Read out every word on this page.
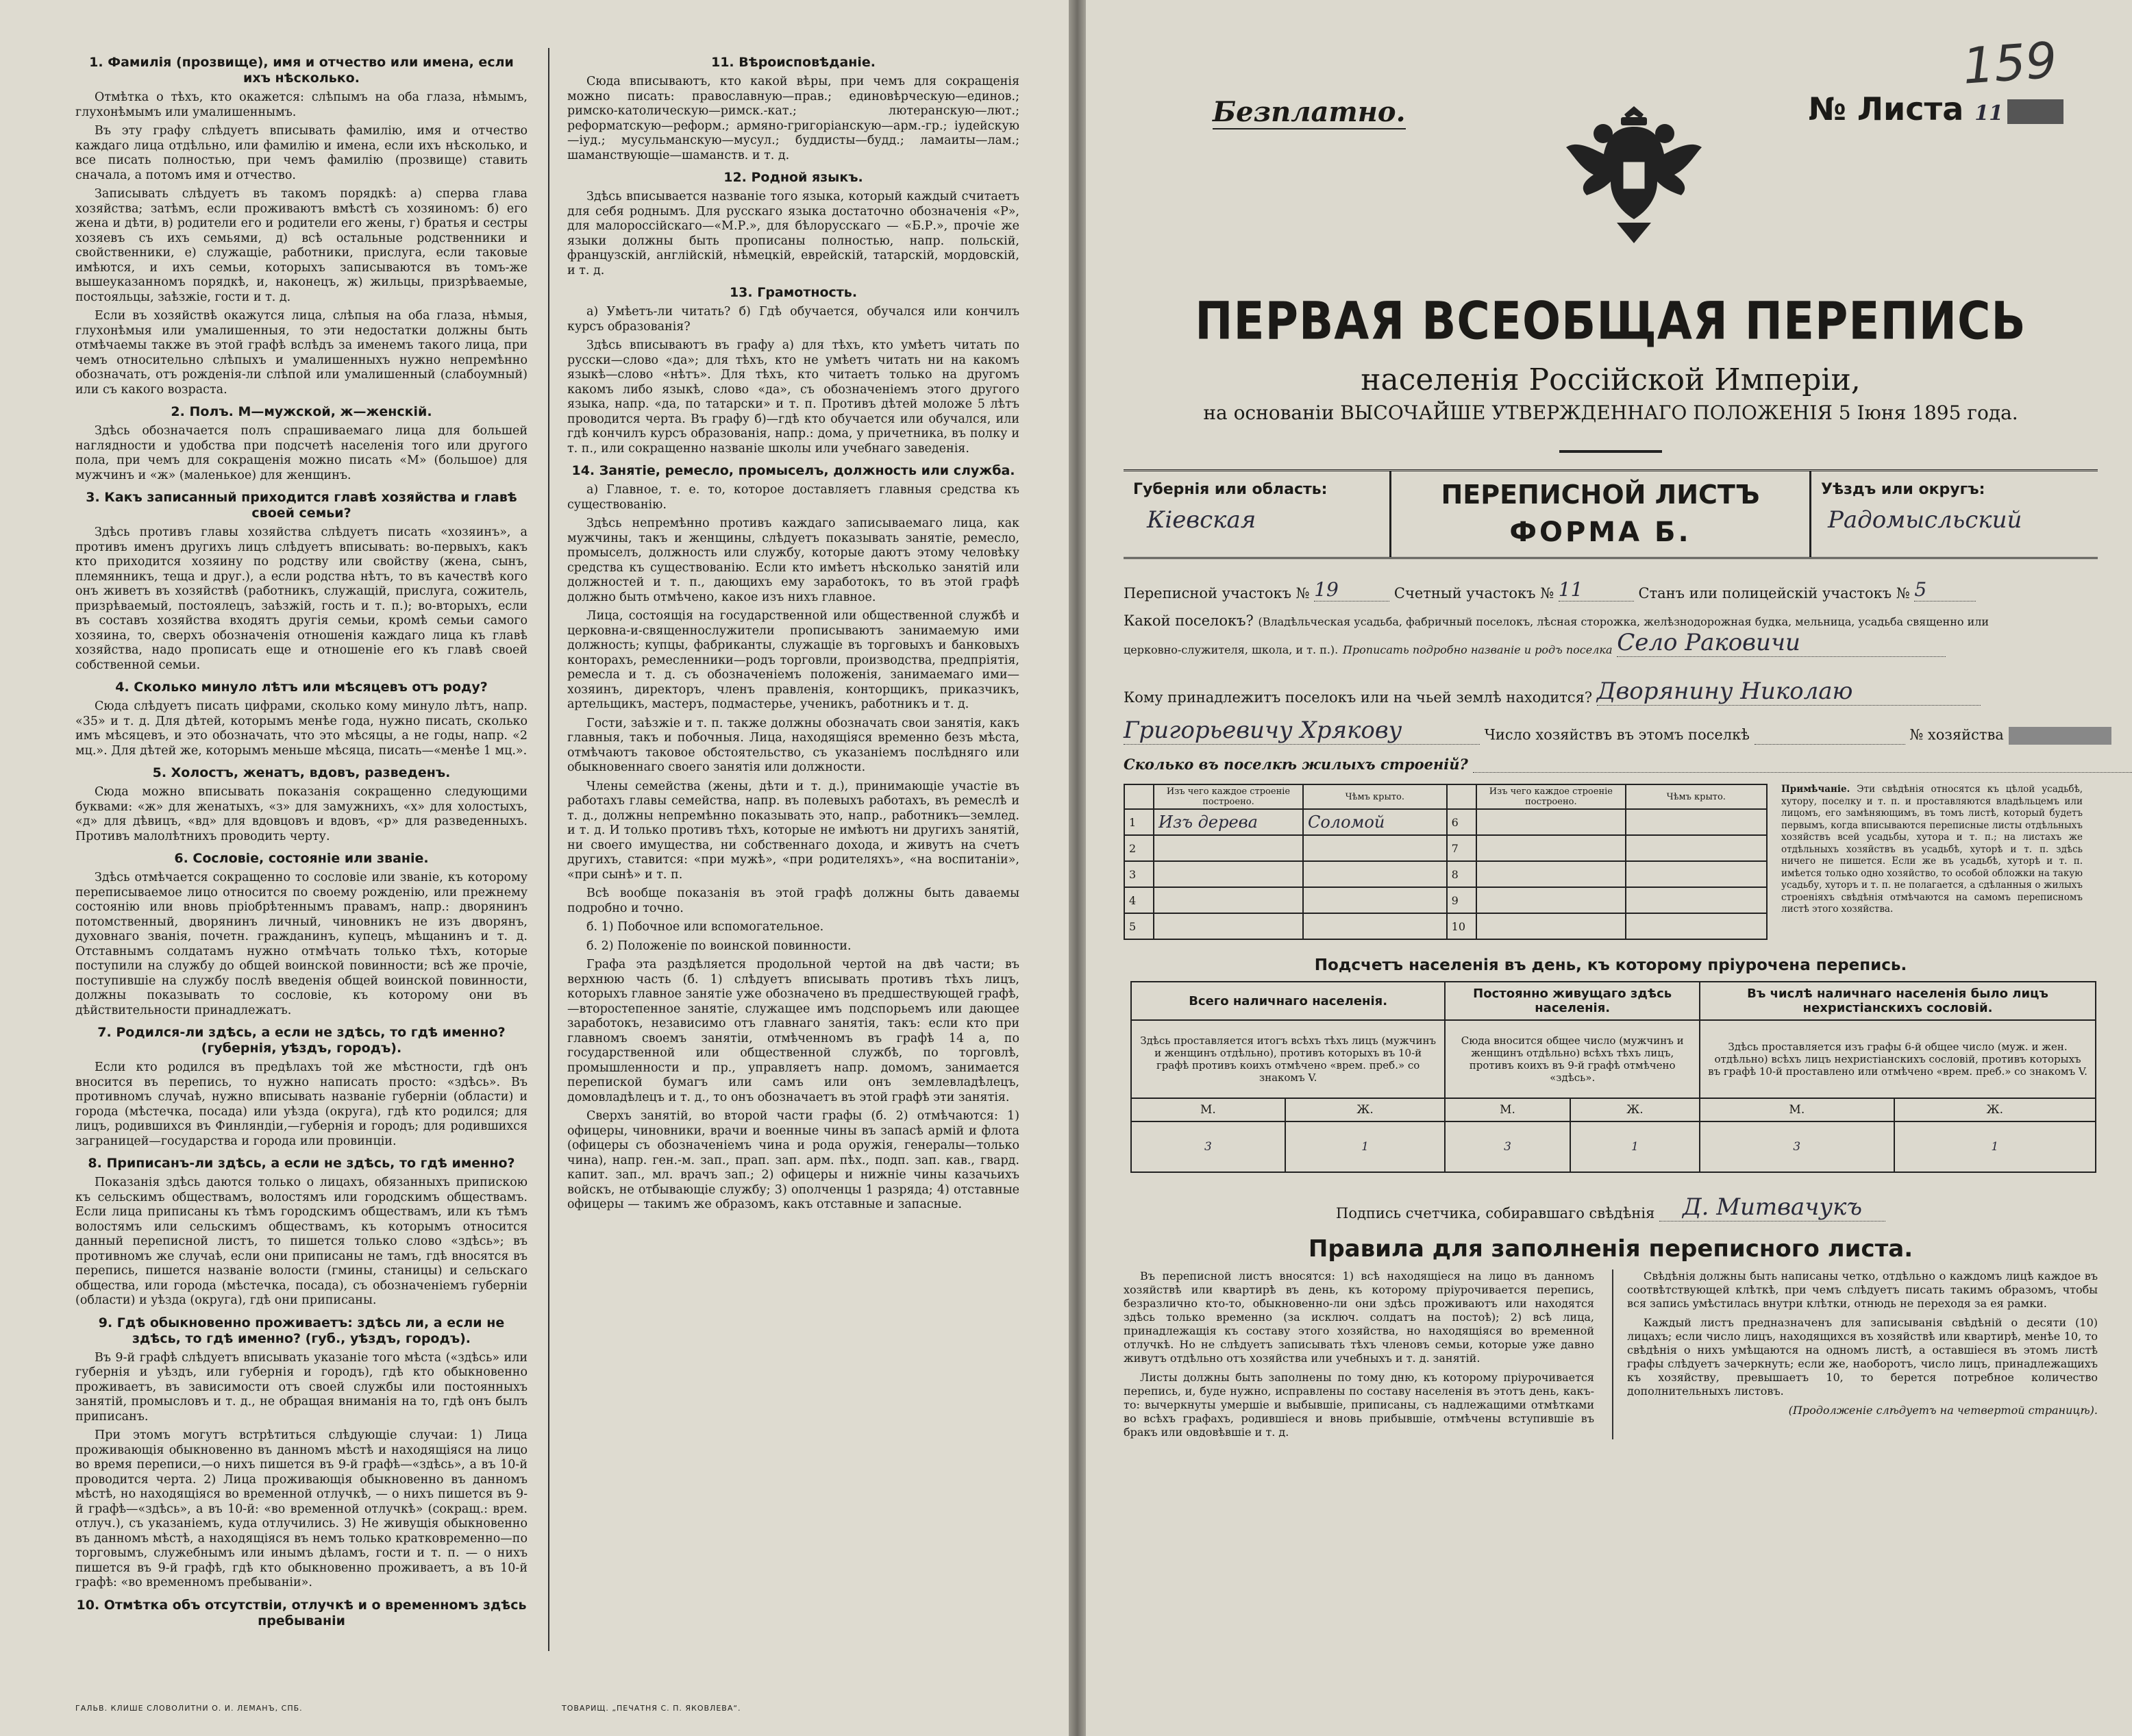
1. Фамилія (прозвище), имя и отчество или имена, если ихъ нѣсколько.

Отмѣтка о тѣхъ, кто окажется: слѣпымъ на оба глаза, нѣмымъ, глухонѣмымъ или умалишеннымъ.

Въ эту графу слѣдуетъ вписывать фамилію, имя и отчество каждаго лица отдѣльно, или фамилію и имена, если ихъ нѣсколько, и все писать полностью, при чемъ фамилію (прозвище) ставить сначала, а потомъ имя и отчество.

Записывать слѣдуетъ въ такомъ порядкѣ: а) сперва глава хозяйства; затѣмъ, если проживаютъ вмѣстѣ съ хозяиномъ: б) его жена и дѣти, в) родители его и родители его жены, г) братья и сестры хозяевъ съ ихъ семьями, д) всѣ остальные родственники и свойственники, е) служащіе, работники, прислуга, если таковые имѣются, и ихъ семьи, которыхъ записываются въ томъ-же вышеуказанномъ порядкѣ, и, наконецъ, ж) жильцы, призрѣваемые, постояльцы, заѣзжіе, гости и т. д.

Если въ хозяйствѣ окажутся лица, слѣпыя на оба глаза, нѣмыя, глухонѣмыя или умалишенныя, то эти недостатки должны быть отмѣчаемы также въ этой графѣ вслѣдъ за именемъ такого лица, при чемъ относительно слѣпыхъ и умалишенныхъ нужно непремѣнно обозначать, отъ рожденія-ли слѣпой или умалишенный (слабоумный) или съ какого возраста.

2. Полъ. М—мужской, ж—женскій.

Здѣсь обозначается полъ спрашиваемаго лица для большей наглядности и удобства при подсчетѣ населенія того или другого пола, при чемъ для сокращенія можно писать «М» (большое) для мужчинъ и «ж» (маленькое) для женщинъ.

3. Какъ записанный приходится главѣ хозяйства и главѣ своей семьи?

Здѣсь противъ главы хозяйства слѣдуетъ писать «хозяинъ», а противъ именъ другихъ лицъ слѣдуетъ вписывать: во-первыхъ, какъ кто приходится хозяину по родству или свойству (жена, сынъ, племянникъ, теща и друг.), а если родства нѣтъ, то въ качествѣ кого онъ живетъ въ хозяйствѣ (работникъ, служащій, прислуга, сожитель, призрѣваемый, постоялецъ, заѣзжій, гость и т. п.); во-вторыхъ, если въ составъ хозяйства входятъ другія семьи, кромѣ семьи самого хозяина, то, сверхъ обозначенія отношенія каждаго лица къ главѣ хозяйства, надо прописать еще и отношеніе его къ главѣ своей собственной семьи.

4. Сколько минуло лѣтъ или мѣсяцевъ отъ роду?

Сюда слѣдуетъ писать цифрами, сколько кому минуло лѣтъ, напр. «35» и т. д. Для дѣтей, которымъ менѣе года, нужно писать, сколько имъ мѣсяцевъ, и это обозначать, что это мѣсяцы, а не годы, напр. «2 мц.». Для дѣтей же, которымъ меньше мѣсяца, писать—«менѣе 1 мц.».

5. Холостъ, женатъ, вдовъ, разведенъ.

Сюда можно вписывать показанія сокращенно следующими буквами: «ж» для женатыхъ, «з» для замужнихъ, «х» для холостыхъ, «д» для дѣвицъ, «вд» для вдовцовъ и вдовъ, «р» для разведенныхъ. Противъ малолѣтнихъ проводить черту.

6. Сословіе, состояніе или званіе.

Здѣсь отмѣчается сокращенно то сословіе или званіе, къ которому переписываемое лицо относится по своему рожденію, или прежнему состоянію или вновь пріобрѣтеннымъ правамъ, напр.: дворянинъ потомственный, дворянинъ личный, чиновникъ не изъ дворянъ, духовнаго званія, почетн. гражданинъ, купецъ, мѣщанинъ и т. д. Отставнымъ солдатамъ нужно отмѣчать только тѣхъ, которые поступили на службу до общей воинской повинности; всѣ же прочіе, поступившіе на службу послѣ введенія общей воинской повинности, должны показывать то сословіе, къ которому они въ дѣйствительности принадлежатъ.

7. Родился-ли здѣсь, а если не здѣсь, то гдѣ именно? (губернія, уѣздъ, городъ).

Если кто родился въ предѣлахъ той же мѣстности, гдѣ онъ вносится въ перепись, то нужно написать просто: «здѣсь». Въ противномъ случаѣ, нужно вписывать названіе губерніи (области) и города (мѣстечка, посада) или уѣзда (округа), гдѣ кто родился; для лицъ, родившихся въ Финляндіи,—губернія и городъ; для родившихся заграницей—государства и города или провинціи.

8. Приписанъ-ли здѣсь, а если не здѣсь, то гдѣ именно?

Показанія здѣсь даются только о лицахъ, обязанныхъ припискою къ сельскимъ обществамъ, волостямъ или городскимъ обществамъ. Если лица приписаны къ тѣмъ городскимъ обществамъ, или къ тѣмъ волостямъ или сельскимъ обществамъ, къ которымъ относится данный переписной листъ, то пишется только слово «здѣсь»; въ противномъ же случаѣ, если они приписаны не тамъ, гдѣ вносятся въ перепись, пишется названіе волости (гмины, станицы) и сельскаго общества, или города (мѣстечка, посада), съ обозначеніемъ губерніи (области) и уѣзда (округа), гдѣ они приписаны.

9. Гдѣ обыкновенно проживаетъ: здѣсь ли, а если не здѣсь, то гдѣ именно? (губ., уѣздъ, городъ).

Въ 9-й графѣ слѣдуетъ вписывать указаніе того мѣста («здѣсь» или губернія и уѣздъ, или губернія и городъ), гдѣ кто обыкновенно проживаетъ, въ зависимости отъ своей службы или постоянныхъ занятій, промысловъ и т. д., не обращая вниманія на то, гдѣ онъ былъ приписанъ.

При этомъ могутъ встрѣтиться слѣдующіе случаи: 1) Лица проживающія обыкновенно въ данномъ мѣстѣ и находящіяся на лицо во время переписи,—о нихъ пишется въ 9-й графѣ—«здѣсь», а въ 10-й проводится черта. 2) Лица проживающія обыкновенно въ данномъ мѣстѣ, но находящіяся во временной отлучкѣ, — о нихъ пишется въ 9-й графѣ—«здѣсь», а въ 10-й: «во временной отлучкѣ» (сокращ.: врем. отлуч.), съ указаніемъ, куда отлучились. 3) Не живущія обыкновенно въ данномъ мѣстѣ, а находящіяся въ немъ только кратковременно—по торговымъ, служебнымъ или инымъ дѣламъ, гости и т. п. — о нихъ пишется въ 9-й графѣ, гдѣ кто обыкновенно проживаетъ, а въ 10-й графѣ: «во временномъ пребываніи».

10. Отмѣтка объ отсутствіи, отлучкѣ и о временномъ здѣсь пребываніи
11. Вѣроисповѣданіе.

Сюда вписываютъ, кто какой вѣры, при чемъ для сокращенія можно писать: православную—прав.; единовѣрческую—единов.; римско-католическую—римск.-кат.; лютеранскую—лют.; реформатскую—реформ.; армяно-григоріанскую—арм.-гр.; іудейскую—іуд.; мусульманскую—мусул.; буддисты—будд.; ламаиты—лам.; шаманствующіе—шаманств. и т. д.

12. Родной языкъ.

Здѣсь вписывается названіе того языка, который каждый считаетъ для себя роднымъ. Для русскаго языка достаточно обозначенія «Р», для малороссійскаго—«М.Р.», для бѣлорусскаго — «Б.Р.», прочіе же языки должны быть прописаны полностью, напр. польскій, французскій, англійскій, нѣмецкій, еврейскій, татарскій, мордовскій, и т. д.

13. Грамотность.

а) Умѣетъ-ли читать? б) Гдѣ обучается, обучался или кончилъ курсъ образованія?

Здѣсь вписываютъ въ графу а) для тѣхъ, кто умѣетъ читать по русски—слово «да»; для тѣхъ, кто не умѣетъ читать ни на какомъ языкѣ—слово «нѣтъ». Для тѣхъ, кто читаетъ только на другомъ какомъ либо языкѣ, слово «да», съ обозначеніемъ этого другого языка, напр. «да, по татарски» и т. п. Противъ дѣтей моложе 5 лѣтъ проводится черта. Въ графу б)—гдѣ кто обучается или обучался, или гдѣ кончилъ курсъ образованія, напр.: дома, у причетника, въ полку и т. п., или сокращенно названіе школы или учебнаго заведенія.

14. Занятіе, ремесло, промыселъ, должность или служба.

а) Главное, т. е. то, которое доставляетъ главныя средства къ существованію.

Здѣсь непремѣнно противъ каждаго записываемаго лица, как мужчины, такъ и женщины, слѣдуетъ показывать занятіе, ремесло, промыселъ, должность или службу, которые даютъ этому человѣку средства къ существованію. Если кто имѣетъ нѣсколько занятій или должностей и т. п., дающихъ ему заработокъ, то въ этой графѣ должно быть отмѣчено, какое изъ нихъ главное.

Лица, состоящія на государственной или общественной службѣ и церковна-и-священнослужители прописываютъ занимаемую ими должность; купцы, фабриканты, служащіе въ торговыхъ и банковыхъ конторахъ, ремесленники—родъ торговли, производства, предпріятія, ремесла и т. д. съ обозначеніемъ положенія, занимаемаго ими—хозяинъ, директоръ, членъ правленія, конторщикъ, приказчикъ, артельщикъ, мастеръ, подмастерье, ученикъ, работникъ и т. д.

Гости, заѣзжіе и т. п. также должны обозначать свои занятія, какъ главныя, такъ и побочныя. Лица, находящіяся временно безъ мѣста, отмѣчаютъ таковое обстоятельство, съ указаніемъ послѣдняго или обыкновеннаго своего занятія или должности.

Члены семейства (жены, дѣти и т. д.), принимающіе участіе въ работахъ главы семейства, напр. въ полевыхъ работахъ, въ ремеслѣ и т. д., должны непремѣнно показывать это, напр., работникъ—землед. и т. д. И только противъ тѣхъ, которые не имѣютъ ни другихъ занятій, ни своего имущества, ни собственнаго дохода, и живутъ на счетъ другихъ, ставится: «при мужѣ», «при родителяхъ», «на воспитаніи», «при сынѣ» и т. п.

Всѣ вообще показанія въ этой графѣ должны быть даваемы подробно и точно.

б. 1) Побочное или вспомогательное.

б. 2) Положеніе по воинской повинности.

Графа эта раздѣляется продольной чертой на двѣ части; въ верхнюю часть (б. 1) слѣдуетъ вписывать противъ тѣхъ лицъ, которыхъ главное занятіе уже обозначено въ предшествующей графѣ,—второстепенное занятіе, служащее имъ подспорьемъ или дающее заработокъ, независимо отъ главнаго занятія, такъ: если кто при главномъ своемъ занятіи, отмѣченномъ въ графѣ 14 а, по государственной или общественной службѣ, по торговлѣ, промышленности и пр., управляетъ напр. домомъ, занимается перепиской бумагъ или самъ или онъ землевладѣлецъ, домовладѣлецъ и т. д., то онъ обозначаетъ въ этой графѣ эти занятія.

Сверхъ занятій, во второй части графы (б. 2) отмѣчаются: 1) офицеры, чиновники, врачи и военные чины въ запасѣ армій и флота (офицеры съ обозначеніемъ чина и рода оружія, генералы—только чина), напр. ген.-м. зап., прап. зап. арм. пѣх., подп. зап. кав., гвард. капит. зап., мл. врачъ зап.; 2) офицеры и нижніе чины казачьихъ войскъ, не отбывающіе службу; 3) ополченцы 1 разряда; 4) отставные офицеры — такимъ же образомъ, какъ отставные и запасные.

ГАЛЬВ. КЛИШЕ СЛОВОЛИТНИ О. И. ЛЕМАНЪ, СПБ.	ТОВАРИЩ. „ПЕЧАТНЯ С. П. ЯКОВЛЕВА“.
159
Безплатно.	№ Листа 11
ПЕРВАЯ ВСЕОБЩАЯ ПЕРЕПИСЬ
населенія Россійской Имперіи,
на основаніи ВЫСОЧАЙШЕ УТВЕРЖДЕННАГО ПОЛОЖЕНІЯ 5 Іюня 1895 года.
Губернія или область:
Кіевская
ПЕРЕПИСНОЙ ЛИСТЪ
ФОРМА Б.
Уѣздъ или округъ:
Радомысльский
Переписной участокъ № 19	Счетный участокъ № 11	Станъ или полицейскій участокъ № 5
Какой поселокъ? (Владѣльческая усадьба, фабричный поселокъ, лѣсная сторожка, желѣзнодорожная будка, мельница, усадьба священно или
церковно-служителя, школа, и т. п.). Прописать подробно названіе и родъ поселка Село Раковичи
Кому принадлежитъ поселокъ или на чьей землѣ находится? Дворянину Николаю
Григорьевичу Хрякову	Число хозяйствъ въ этомъ поселкѣ	№ хозяйства
Сколько въ поселкѣ жилыхъ строеній?
	Изъ чего каждое строеніе построено.	Чѣмъ крыто.		Изъ чего каждое строеніе построено.	Чѣмъ крыто.
1	Изъ дерева	Соломой	6		
2			7		
3			8		
4			9		
5			10		
Примѣчаніе. Эти свѣдѣнія относятся къ цѣлой усадьбѣ, хутору, поселку и т. п. и проставляются владѣльцемъ или лицомъ, его замѣняющимъ, въ томъ листѣ, который будетъ первымъ, когда вписываются переписные листы отдѣльныхъ хозяйствъ всей усадьбы, хутора и т. п.; на листахъ же отдѣльныхъ хозяйствъ въ усадьбѣ, хуторѣ и т. п. здѣсь ничего не пишется. Если же въ усадьбѣ, хуторѣ и т. п. имѣется только одно хозяйство, то особой обложки на такую усадьбу, хуторъ и т. п. не полагается, а сдѣланныя о жилыхъ строеніяхъ свѣдѣнія отмѣчаются на самомъ переписномъ листѣ этого хозяйства.
Подсчетъ населенія въ день, къ которому пріурочена перепись.
Всего наличнаго населенія.		Постоянно живущаго здѣсь населенія.		Въ числѣ наличнаго населенія было лицъ нехристіанскихъ сословій.	
Здѣсь проставляется итогъ всѣхъ тѣхъ лицъ (мужчинъ и женщинъ отдѣльно), противъ которыхъ въ 10-й графѣ противъ коихъ отмѣчено «врем. преб.» со знакомъ V.		Сюда вносится общее число (мужчинъ и женщинъ отдѣльно) всѣхъ тѣхъ лицъ, противъ коихъ въ 9-й графѣ отмѣчено «здѣсь».		Здѣсь проставляется изъ графы 6-й общее число (муж. и жен. отдѣльно) всѣхъ лицъ нехристіанскихъ сословій, противъ которыхъ въ графѣ 10-й проставлено или отмѣчено «врем. преб.» со знакомъ V.	
М.	Ж.	М.	Ж.	М.	Ж.
3	1	3	1	3	1
Подпись счетчика, собиравшаго свѣдѣнія Д. Митвачукъ
Правила для заполненія переписного листа.

Въ переписной листъ вносятся: 1) всѣ находящіеся на лицо въ данномъ хозяйствѣ или квартирѣ въ день, къ которому пріурочивается перепись, безразлично кто-то, обыкновенно-ли они здѣсь проживаютъ или находятся здѣсь только временно (за исключ. солдатъ на постоѣ); 2) всѣ лица, принадлежащія къ составу этого хозяйства, но находящіяся во временной отлучкѣ. Но не слѣдуетъ записывать тѣхъ членовъ семьи, которые уже давно живутъ отдѣльно отъ хозяйства или учебныхъ и т. д. занятій.

Листы должны быть заполнены по тому дню, къ которому пріурочивается перепись, и, буде нужно, исправлены по составу населенія въ этотъ день, какъ-то: вычеркнуты умершіе и выбывшіе, приписаны, съ надлежащими отмѣтками во всѣхъ графахъ, родившіеся и вновь прибывшіе, отмѣчены вступившіе въ бракъ или овдовѣвшіе и т. д.

Свѣдѣнія должны быть написаны четко, отдѣльно о каждомъ лицѣ каждое въ соотвѣтствующей клѣткѣ, при чемъ слѣдуетъ писать такимъ образомъ, чтобы вся запись умѣстилась внутри клѣтки, отнюдь не переходя за ея рамки.

Каждый листъ предназначенъ для записыванія свѣдѣній о десяти (10) лицахъ; если число лицъ, находящихся въ хозяйствѣ или квартирѣ, менѣе 10, то свѣдѣнія о нихъ умѣщаются на одномъ листѣ, а оставшіеся въ этомъ листѣ графы слѣдуетъ зачеркнуть; если же, наоборотъ, число лицъ, принадлежащихъ къ хозяйству, превышаетъ 10, то берется потребное количество дополнительныхъ листовъ.

(Продолженіе слѣдуетъ на четвертой страницѣ).
